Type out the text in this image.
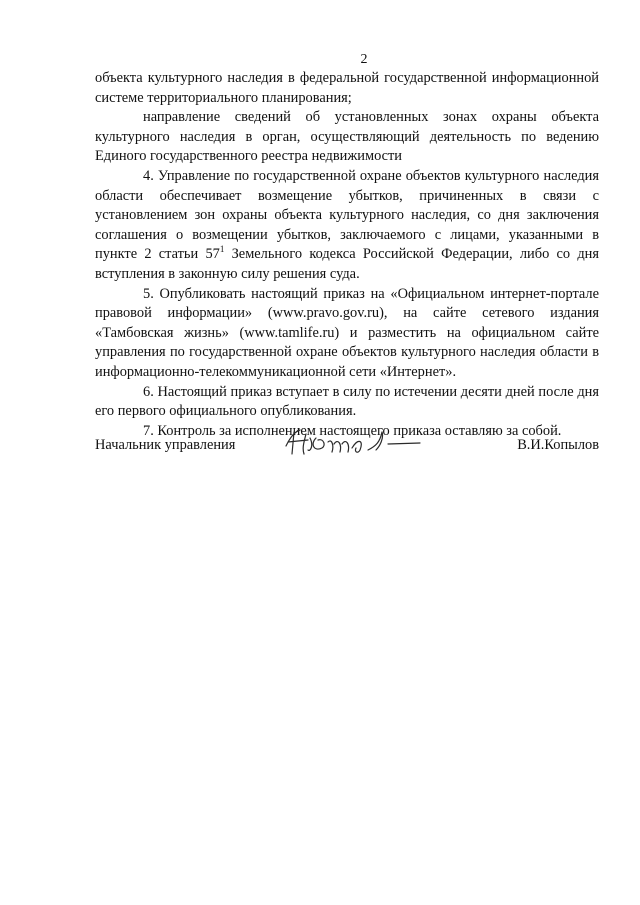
2

объекта культурного наследия в федеральной государственной информационной системе территориального планирования;

направление сведений об установленных зонах охраны объекта культурного наследия в орган, осуществляющий деятельность по ведению Единого государственного реестра недвижимости

4. Управление по государственной охране объектов культурного наследия области обеспечивает возмещение убытков, причиненных в связи с установлением зон охраны объекта культурного наследия, со дня заключения соглашения о возмещении убытков, заключаемого с лицами, указанными в пункте 2 статьи $57^1$ Земельного кодекса Российской Федерации, либо со дня вступления в законную силу решения суда.

5. Опубликовать настоящий приказ на «Официальном интернет-портале правовой информации» (www.pravo.gov.ru), на сайте сетевого издания «Тамбовская жизнь» (www.tamlife.ru) и разместить на официальном сайте управления по государственной охране объектов культурного наследия области в информационно-телекоммуникационной сети «Интернет».

6. Настоящий приказ вступает в силу по истечении десяти дней после дня его первого официального опубликования.

7. Контроль за исполнением настоящего приказа оставляю за собой.

Начальник управления	В.И.Копылов
